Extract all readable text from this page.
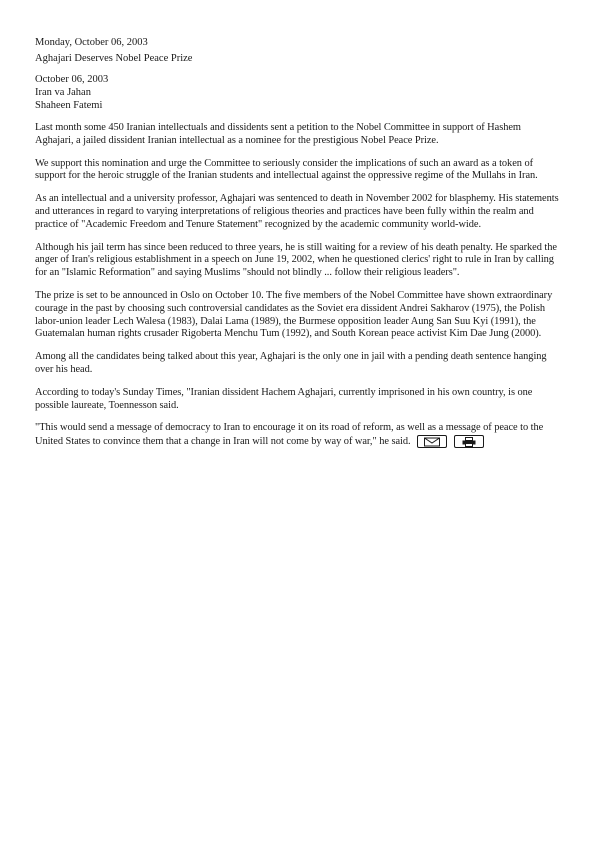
Monday, October 06, 2003
Aghajari Deserves Nobel Peace Prize
October 06, 2003
Iran va Jahan
Shaheen Fatemi

Last month some 450 Iranian intellectuals and dissidents sent a petition to the Nobel Committee in support of Hashem Aghajari, a jailed dissident Iranian intellectual as a nominee for the prestigious Nobel Peace Prize.

We support this nomination and urge the Committee to seriously consider the implications of such an award as a token of support for the heroic struggle of the Iranian students and intellectual against the oppressive regime of the Mullahs in Iran.

As an intellectual and a university professor, Aghajari was sentenced to death in November 2002 for blasphemy. His statements and utterances in regard to varying interpretations of religious theories and practices have been fully within the realm and practice of "Academic Freedom and Tenure Statement" recognized by the academic community world-wide.

Although his jail term has since been reduced to three years, he is still waiting for a review of his death penalty. He sparked the anger of Iran's religious establishment in a speech on June 19, 2002, when he questioned clerics' right to rule in Iran by calling for an "Islamic Reformation" and saying Muslims "should not blindly ... follow their religious leaders".

The prize is set to be announced in Oslo on October 10. The five members of the Nobel Committee have shown extraordinary courage in the past by choosing such controversial candidates as the Soviet era dissident Andrei Sakharov (1975), the Polish labor-union leader Lech Walesa (1983), Dalai Lama (1989), the Burmese opposition leader Aung San Suu Kyi (1991), the Guatemalan human rights crusader Rigoberta Menchu Tum (1992), and South Korean peace activist Kim Dae Jung (2000).

Among all the candidates being talked about this year, Aghajari is the only one in jail with a pending death sentence hanging over his head.

According to today's Sunday Times, "Iranian dissident Hachem Aghajari, currently imprisoned in his own country, is one possible laureate, Toennesson said.

"This would send a message of democracy to Iran to encourage it on its road of reform, as well as a message of peace to the United States to convince them that a change in Iran will not come by way of war," he said.
